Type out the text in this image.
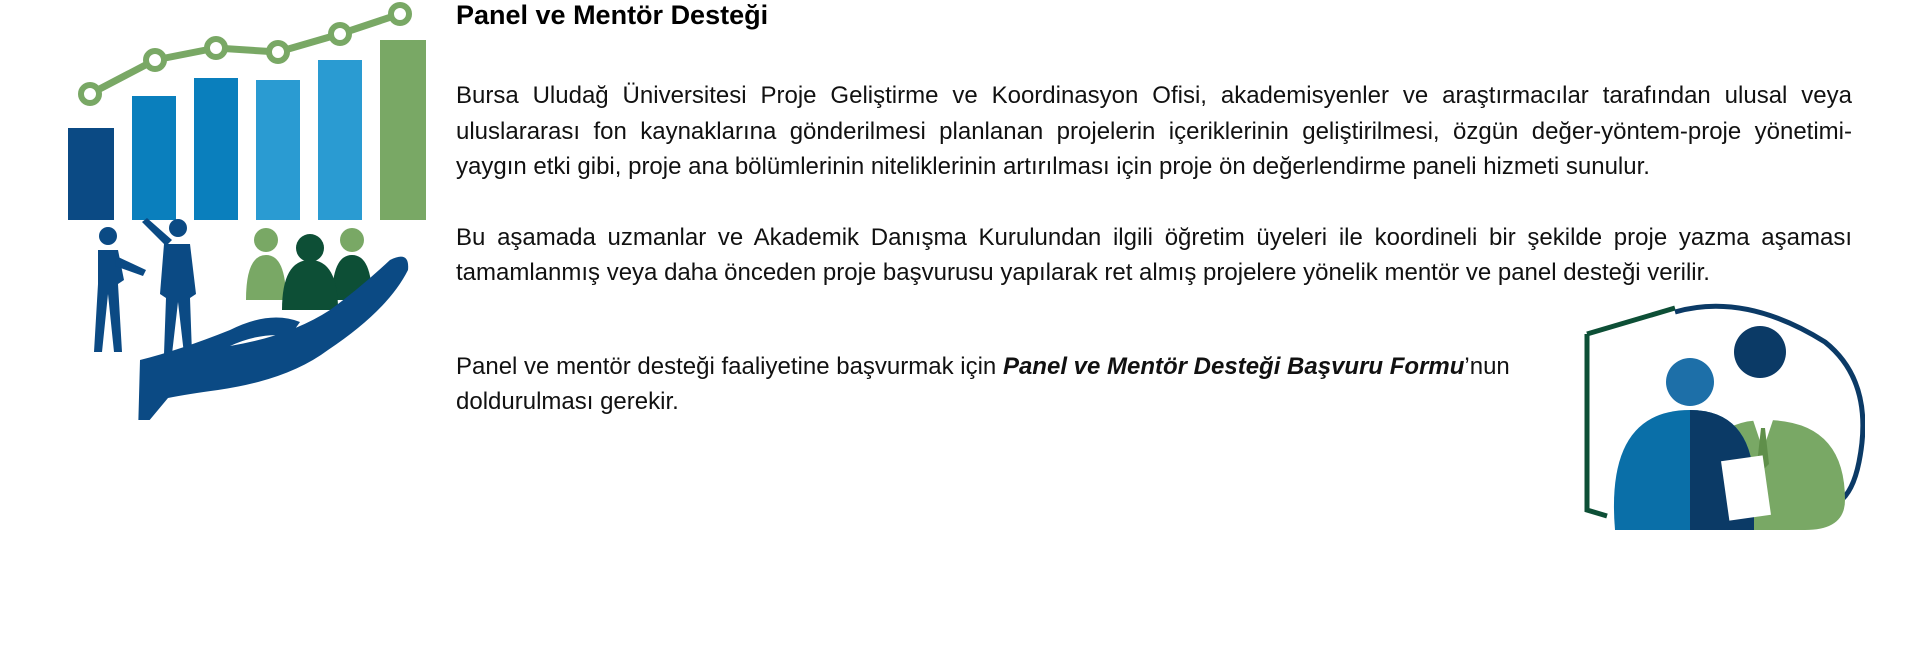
Panel ve Mentör Desteği

Bursa Uludağ Üniversitesi Proje Geliştirme ve Koordinasyon Ofisi, akademisyenler ve araştırmacılar tarafından ulusal veya uluslararası fon kaynaklarına gönderilmesi planlanan projelerin içeriklerinin geliştirilmesi, özgün değer-yöntem-proje yönetimi-yaygın etki gibi, proje ana bölümlerinin niteliklerinin artırılması için proje ön değerlendirme paneli hizmeti sunulur.

Bu aşamada uzmanlar ve Akademik Danışma Kurulundan ilgili öğretim üyeleri ile koordineli bir şekilde proje yazma aşaması tamamlanmış veya daha önceden proje başvurusu yapılarak ret almış projelere yönelik mentör ve panel desteği verilir.

Panel ve mentör desteği faaliyetine başvurmak için Panel ve Mentör Desteği Başvuru Formu’nun doldurulması gerekir.
